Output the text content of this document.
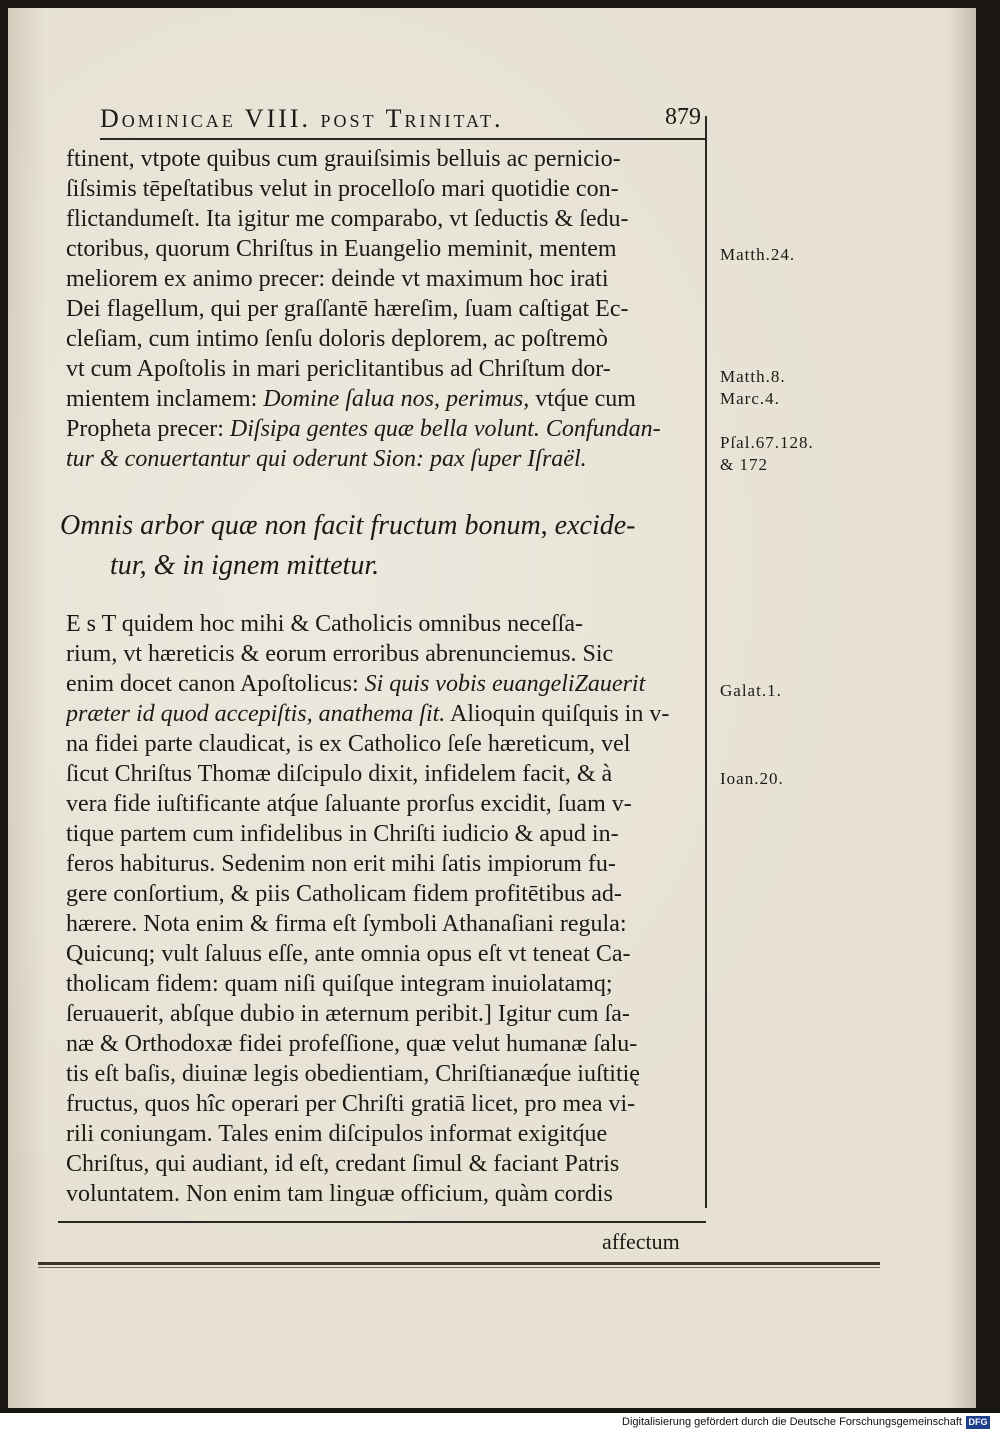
Dominicae VIII. post Trinitat.	879
ftinent, vtpote quibus cum grauiſsimis belluis ac pernicio-
ſiſsimis tēpeſtatibus velut in procelloſo mari quotidie con-
flictandumeſt. Ita igitur me comparabo, vt ſeductis & ſedu-
ctoribus, quorum Chriſtus in Euangelio meminit, mentem
meliorem ex animo precer: deinde vt maximum hoc irati
Dei flagellum, qui per graſſantē hæreſim, ſuam caſtigat Ec-
cleſiam, cum intimo ſenſu doloris deplorem, ac poſtremò
vt cum Apoſtolis in mari periclitantibus ad Chriſtum dor-
mientem inclamem: Domine ſalua nos, perimus, vtq́ue cum
Propheta precer: Diſsipa gentes quæ bella volunt. Confundan-
tur & conuertantur qui oderunt Sion: pax ſuper Iſraël.
Omnis arbor quæ non facit fructum bonum, excide-
tur, & in ignem mittetur.
E s T quidem hoc mihi & Catholicis omnibus neceſſa-
rium, vt hæreticis & eorum erroribus abrenunciemus. Sic
enim docet canon Apoſtolicus: Si quis vobis euangeliZauerit
præter id quod accepiſtis, anathema ſit. Alioquin quiſquis in v-
na fidei parte claudicat, is ex Catholico ſeſe hæreticum, vel
ſicut Chriſtus Thomæ diſcipulo dixit, infidelem facit, & à
vera fide iuſtificante atq́ue ſaluante prorſus excidit, ſuam v-
tique partem cum infidelibus in Chriſti iudicio & apud in-
feros habiturus. Sedenim non erit mihi ſatis impiorum fu-
gere conſortium, & piis Catholicam fidem profitētibus ad-
hærere. Nota enim & firma eſt ſymboli Athanaſiani regula:
Quicunq; vult ſaluus eſſe, ante omnia opus eſt vt teneat Ca-
tholicam fidem: quam niſi quiſque integram inuiolatamq;
ſeruauerit, abſque dubio in æternum peribit.] Igitur cum ſa-
næ & Orthodoxæ fidei profeſſione, quæ velut humanæ ſalu-
tis eſt baſis, diuinæ legis obedientiam, Chriſtianæq́ue iuſtitię
fructus, quos hîc operari per Chriſti gratiā licet, pro mea vi-
rili coniungam. Tales enim diſcipulos informat exigitq́ue
Chriſtus, qui audiant, id eſt, credant ſimul & faciant Patris
voluntatem. Non enim tam linguæ officium, quàm cordis
Matth.24.
Matth.8.
Marc.4.
Pſal.67.128.
& 172
Galat.1.
Ioan.20.
affectum
Digitalisierung gefördert durch die Deutsche Forschungsgemeinschaft DFG
